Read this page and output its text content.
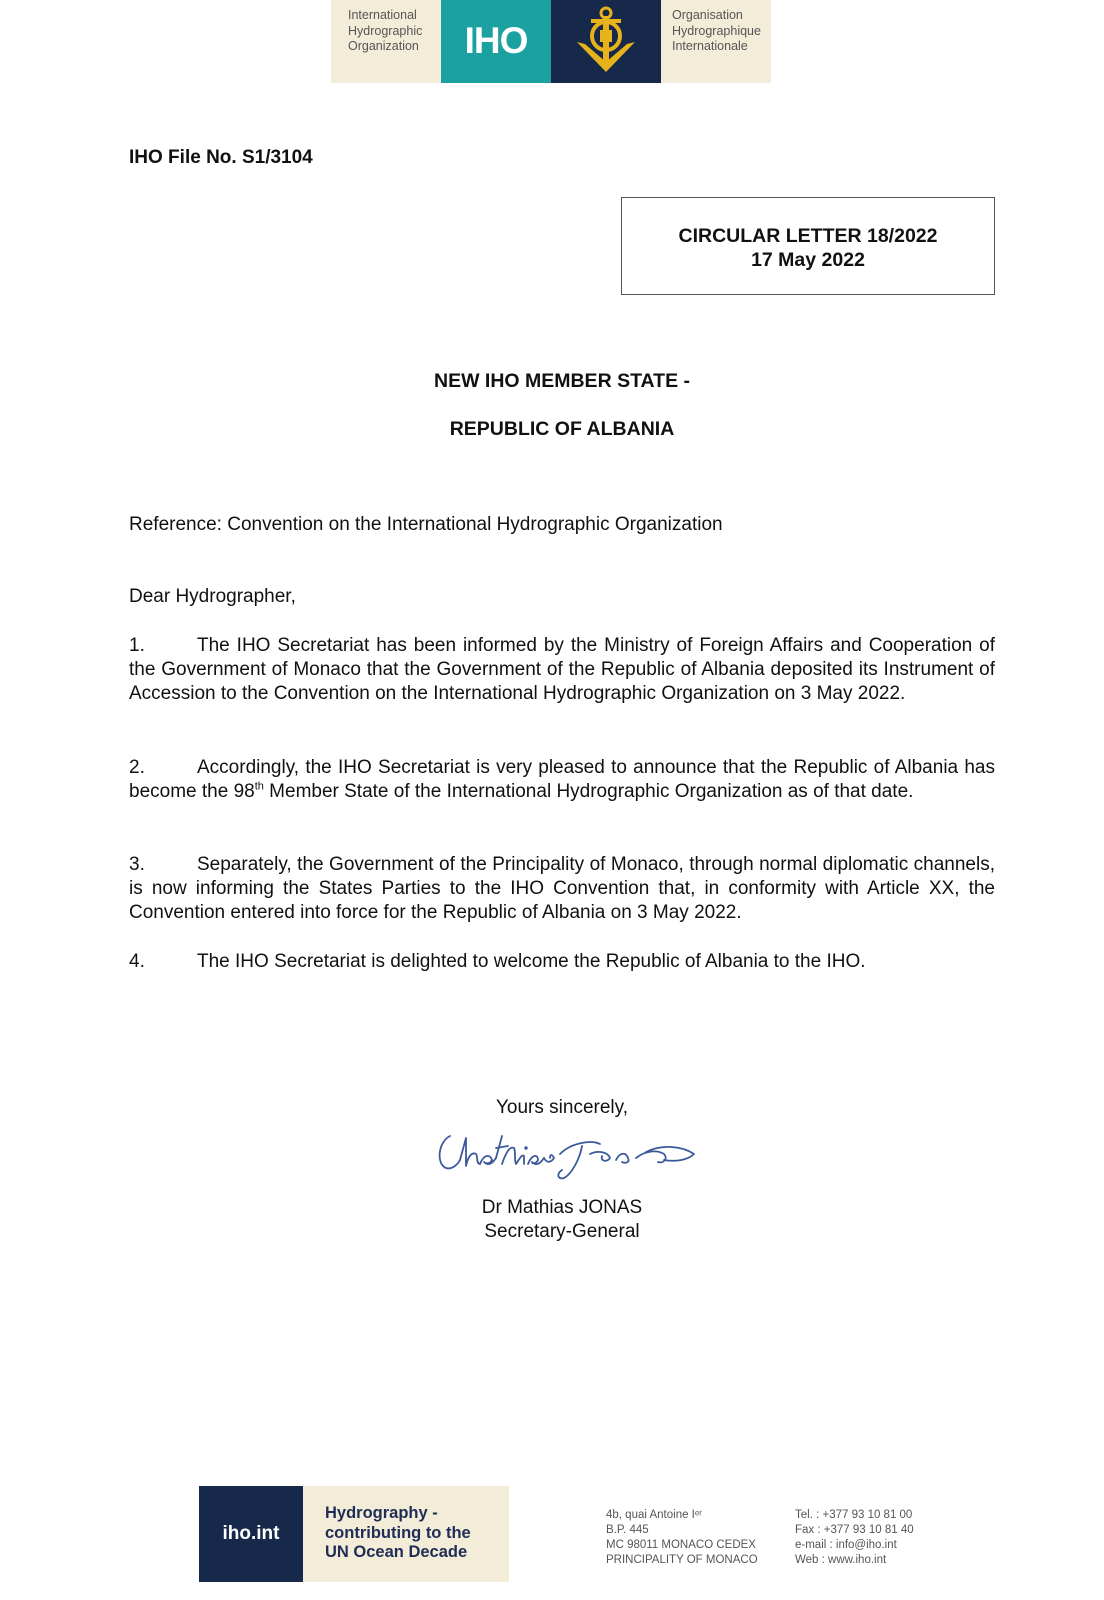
International
Hydrographic
Organization	IHO
Organisation
Hydrographique
Internationale
IHO File No. S1/3104
CIRCULAR LETTER 18/2022
17 May 2022
NEW IHO MEMBER STATE -
REPUBLIC OF ALBANIA
Reference: Convention on the International Hydrographic Organization
Dear Hydrographer,
1.	The IHO Secretariat has been informed by the Ministry of Foreign Affairs and Cooperation of the Government of Monaco that the Government of the Republic of Albania deposited its Instrument of Accession to the Convention on the International Hydrographic Organization on 3 May 2022.
2.	Accordingly, the IHO Secretariat is very pleased to announce that the Republic of Albania has become the 98th Member State of the International Hydrographic Organization as of that date.
3.	Separately, the Government of the Principality of Monaco, through normal diplomatic channels, is now informing the States Parties to the IHO Convention that, in conformity with Article XX, the Convention entered into force for the Republic of Albania on 3 May 2022.
4.	The IHO Secretariat is delighted to welcome the Republic of Albania to the IHO.
Yours sincerely,
Dr Mathias JONAS
Secretary-General
iho.int
Hydrography -
contributing to the
UN Ocean Decade
4b, quai Antoine Iᵉʳ
B.P. 445
MC 98011 MONACO CEDEX
PRINCIPALITY OF MONACO
Tel. : +377 93 10 81 00
Fax : +377 93 10 81 40
e-mail : info@iho.int
Web : www.iho.int
